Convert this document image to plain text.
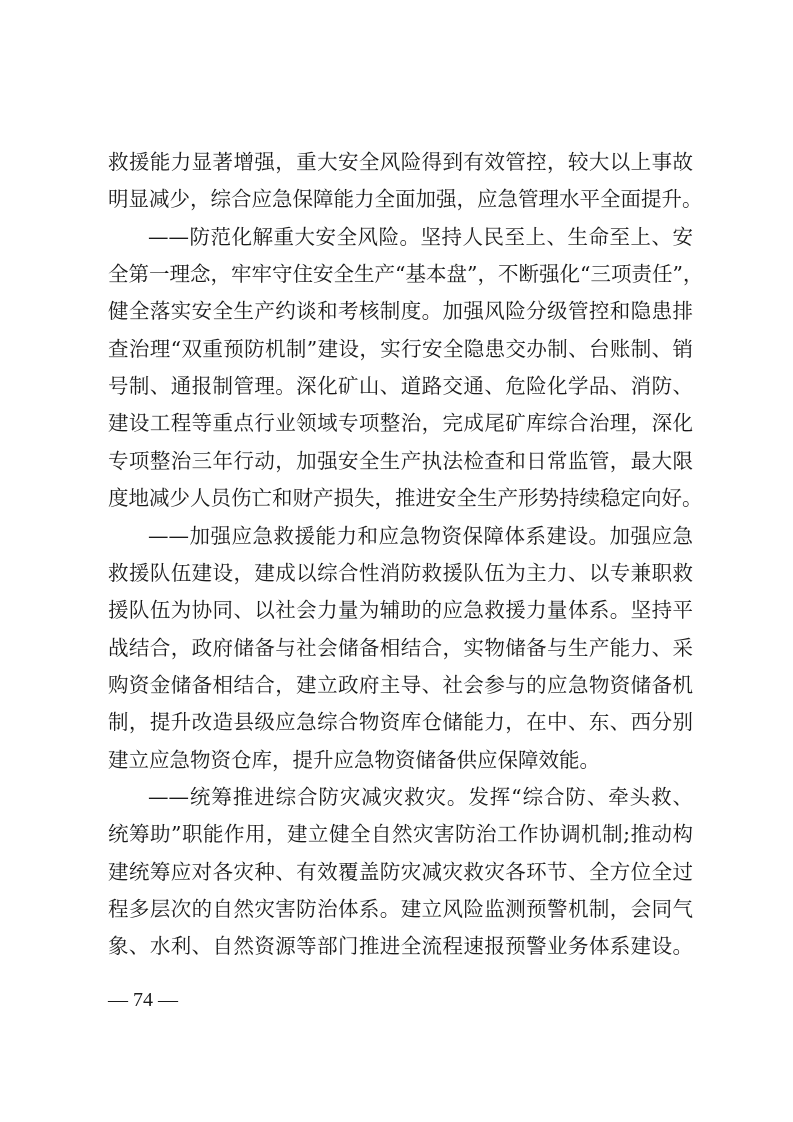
救援能力显著增强，重大安全风险得到有效管控，较大以上事故
明显减少，综合应急保障能力全面加强，应急管理水平全面提升。
——防范化解重大安全风险。坚持人民至上、生命至上、安
全第一理念，牢牢守住安全生产“基本盘”，不断强化“三项责任”，
健全落实安全生产约谈和考核制度。加强风险分级管控和隐患排
查治理“双重预防机制”建设，实行安全隐患交办制、台账制、销
号制、通报制管理。深化矿山、道路交通、危险化学品、消防、
建设工程等重点行业领域专项整治，完成尾矿库综合治理，深化
专项整治三年行动，加强安全生产执法检查和日常监管，最大限
度地减少人员伤亡和财产损失，推进安全生产形势持续稳定向好。
——加强应急救援能力和应急物资保障体系建设。加强应急
救援队伍建设，建成以综合性消防救援队伍为主力、以专兼职救
援队伍为协同、以社会力量为辅助的应急救援力量体系。坚持平
战结合，政府储备与社会储备相结合，实物储备与生产能力、采
购资金储备相结合，建立政府主导、社会参与的应急物资储备机
制，提升改造县级应急综合物资库仓储能力，在中、东、西分别
建立应急物资仓库，提升应急物资储备供应保障效能。
——统筹推进综合防灾减灾救灾。发挥“综合防、牵头救、
统筹助”职能作用，建立健全自然灾害防治工作协调机制;推动构
建统筹应对各灾种、有效覆盖防灾减灾救灾各环节、全方位全过
程多层次的自然灾害防治体系。建立风险监测预警机制，会同气
象、水利、自然资源等部门推进全流程速报预警业务体系建设。
— 74 —
